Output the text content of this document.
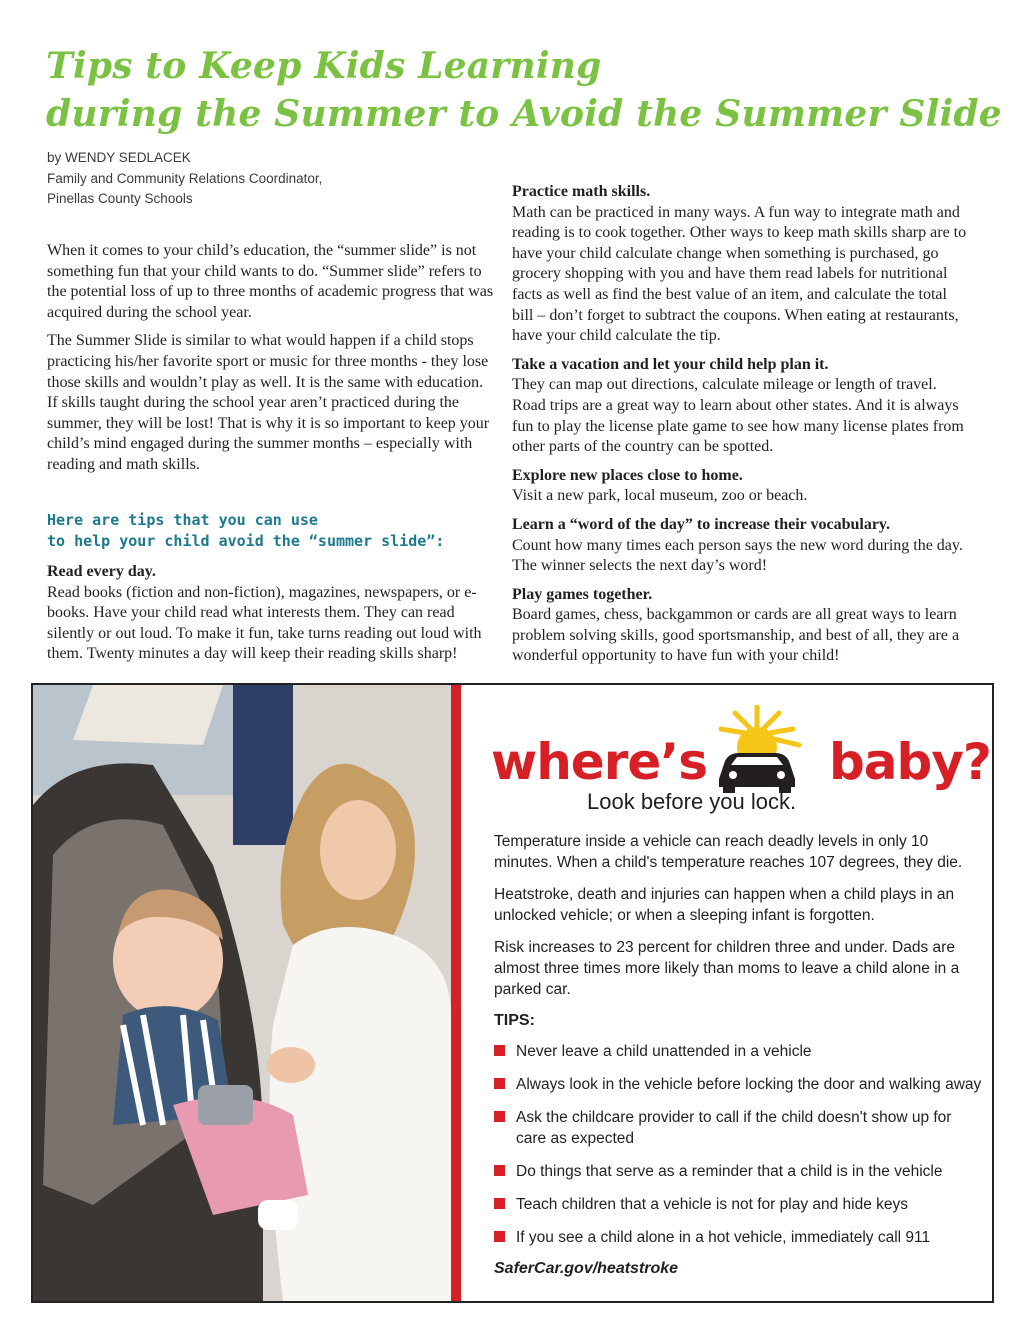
Tips to Keep Kids Learning
during the Summer to Avoid the Summer Slide
by WENDY SEDLACEK
Family and Community Relations Coordinator,
Pinellas County Schools

When it comes to your child’s education, the “summer slide” is not something fun that your child wants to do. “Summer slide” refers to the potential loss of up to three months of academic progress that was acquired during the school year.

The Summer Slide is similar to what would happen if a child stops practicing his/her favorite sport or music for three months - they lose those skills and wouldn’t play as well. It is the same with education. If skills taught during the school year aren’t practiced during the summer, they will be lost! That is why it is so important to keep your child’s mind engaged during the summer months – especially with reading and math skills.

Here are tips that you can use
to help your child avoid the “summer slide”:
Read every day.
Read books (fiction and non-fiction), magazines, newspapers, or e-books. Have your child read what interests them. They can read silently or out loud. To make it fun, take turns reading out loud with them. Twenty minutes a day will keep their reading skills sharp!

Practice math skills.
Math can be practiced in many ways. A fun way to integrate math and reading is to cook together. Other ways to keep math skills sharp are to have your child calculate change when something is purchased, go grocery shopping with you and have them read labels for nutritional facts as well as find the best value of an item, and calculate the total bill – don’t forget to subtract the coupons. When eating at restaurants, have your child calculate the tip.

Take a vacation and let your child help plan it.
They can map out directions, calculate mileage or length of travel. Road trips are a great way to learn about other states. And it is always fun to play the license plate game to see how many license plates from other parts of the country can be spotted.

Explore new places close to home.
Visit a new park, local museum, zoo or beach.

Learn a “word of the day” to increase their vocabulary.
Count how many times each person says the new word during the day. The winner selects the next day’s word!

Play games together.
Board games, chess, backgammon or cards are all great ways to learn problem solving skills, good sportsmanship, and best of all, they are a wonderful opportunity to have fun with your child!

where’s baby?
Look before you lock.
Temperature inside a vehicle can reach deadly levels in only 10 minutes. When a child's temperature reaches 107 degrees, they die.
Heatstroke, death and injuries can happen when a child plays in an unlocked vehicle; or when a sleeping infant is forgotten.
Risk increases to 23 percent for children three and under. Dads are almost three times more likely than moms to leave a child alone in a parked car.
TIPS:
Never leave a child unattended in a vehicle
Always look in the vehicle before locking the door and walking away
Ask the childcare provider to call if the child doesn't show up for care as expected
Do things that serve as a reminder that a child is in the vehicle
Teach children that a vehicle is not for play and hide keys
If you see a child alone in a hot vehicle, immediately call 911
SaferCar.gov/heatstroke
